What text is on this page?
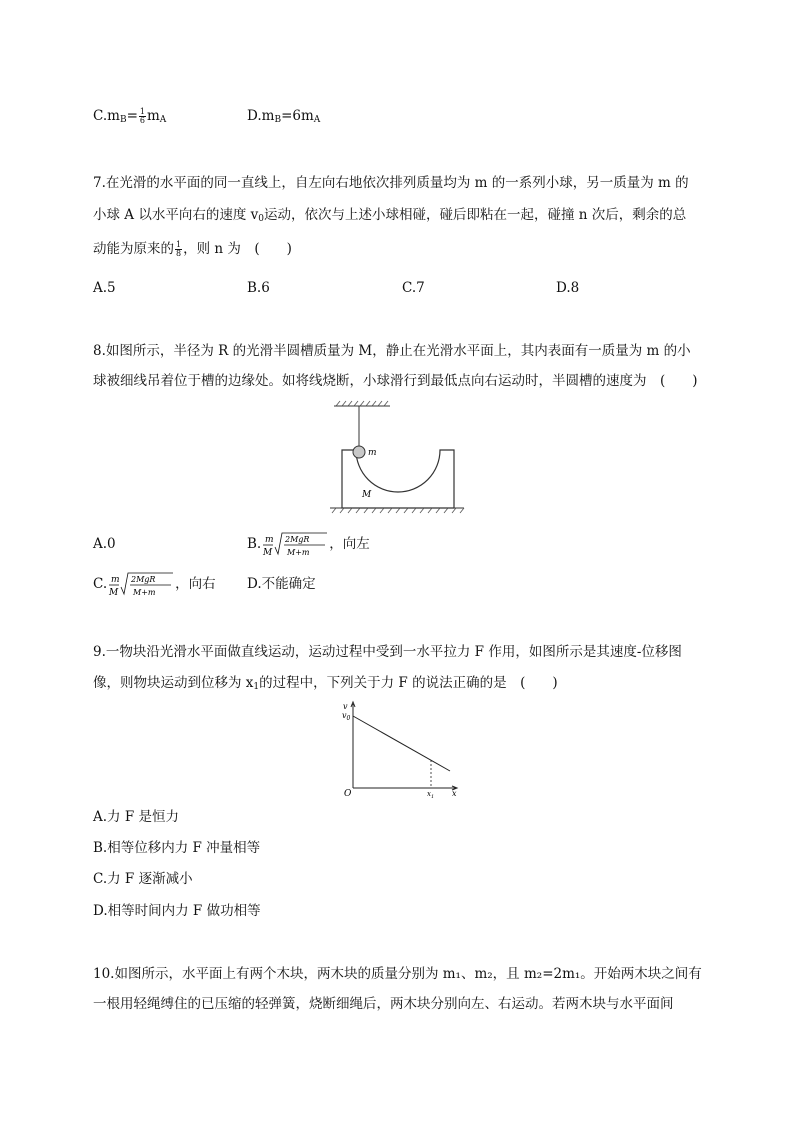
$C.m_B= \frac{1}{6} m_A$	$D.m_B=6m_A$
7.在光滑的水平面的同一直线上，自左向右地依次排列质量均为 m 的一系列小球，另一质量为 m 的
小球 A 以水平向右的速度 $v_0$运动，依次与上述小球相碰，碰后即粘在一起，碰撞 n 次后，剩余的总
动能为原来的 $\frac{1}{8}$ ，则 n 为　(　　)
A.5	B.6	C.7	D.8
8.如图所示，半径为 R 的光滑半圆槽质量为 M，静止在光滑水平面上，其内表面有一质量为 m 的小
球被细线吊着位于槽的边缘处。如将线烧断，小球滑行到最低点向右运动时，半圆槽的速度为　(　　)
m
M
A.0	B. m
M
2MgR
M+m
，向左
C. m
M
2MgR
M+m
，向右 D.不能确定
9.一物块沿光滑水平面做直线运动，运动过程中受到一水平拉力 F 作用，如图所示是其速度-位移图
像，则物块运动到位移为 $x_1$的过程中，下列关于力 F 的说法正确的是　(　　)
v
$v_0$
O	x
$x_1$
A.力 F 是恒力
B.相等位移内力 F 冲量相等
C.力 F 逐渐减小
D.相等时间内力 F 做功相等
10.如图所示，水平面上有两个木块，两木块的质量分别为 m₁、m₂，且 m₂=2m₁。开始两木块之间有
一根用轻绳缚住的已压缩的轻弹簧，烧断细绳后，两木块分别向左、右运动。若两木块与水平面间
